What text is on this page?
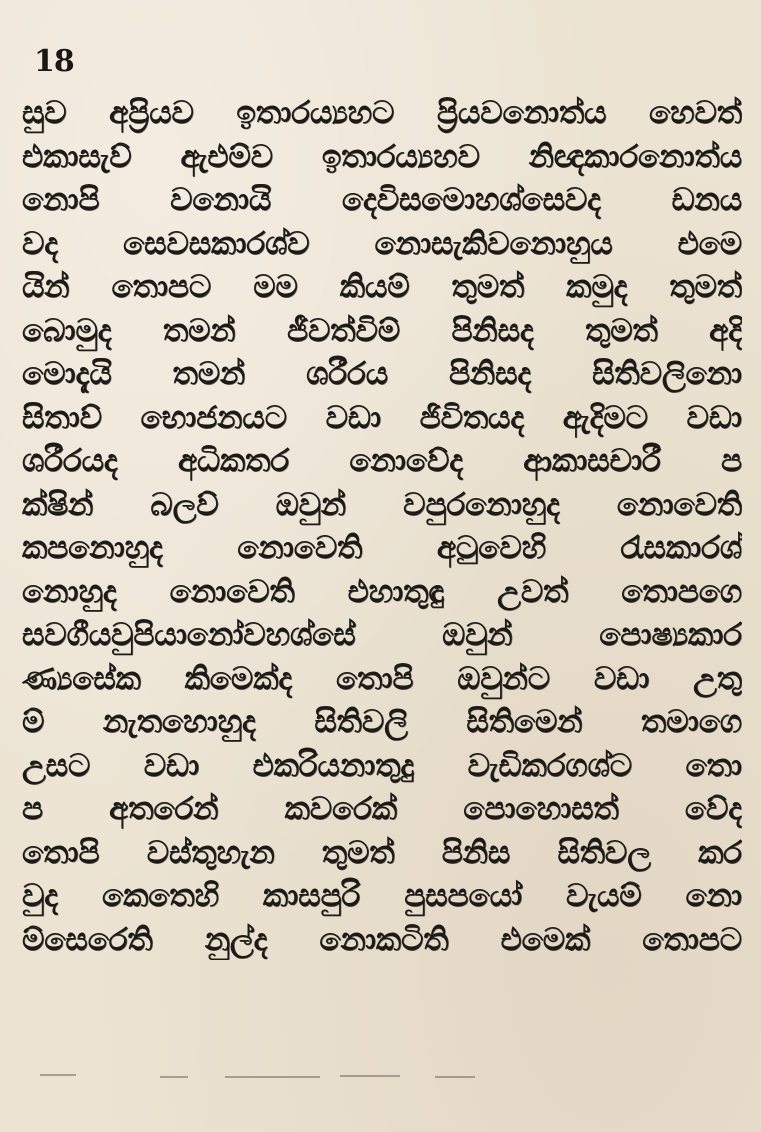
18
සුව අප්‍රියව ඉතාරය්‍යහට ප්‍රියවනොත්ය හෙවත්
එකාසැව් ඇඑම්ව ඉතාරය්‍යහව නිඥකාරනොත්ය
නොපි වනොයි දෙවිසමොහශ්සෙවද ඩනය
වද සෙවසකාරශ්ව නොසැකිවනොහුය එමෙ
යින් තොපට මම කියම් තුමත් කමුද තුමත්
බොමුද තමන් ජීවත්විම් පිනිසද තුමත් අදි
මොදැයි තමන් ශරීරය පිනිසද සිතිවලිනො
සිතාව් භොජනයට වඩා ජිවිතයද ඇදිමට වඩා
ශරීරයද අධිකතර නොවේද ආකාසචාරී ප
ක්ෂින් බලව් ඔවුන් වපුරනොහුද නොවෙති
කපනොහුද නොවෙති අටුවෙහි රැසකාරශ්
නොහුද නොවෙති එහාතුඳු උවත් තොපගෙ
සවගීයවුපියානෝවහශ්සේ ඔවුන් පොෂ්‍යකාර
ණ්‍යසේක කිමෙක්ද තොපි ඔවුන්ට වඩා උතු
ම් නැතහොහුද සිතිවලි සිතිමෙන් තමාගෙ
උසට වඩා එකරියනාතුදු වැඩිකරගශ්ට තො
ප අතරෙන් කවරෙක් පොහොසත් වේද
තොපි වස්තුහැන තුමත් පිනිස සිතිවල කර
වුද කෙතෙහි කාසපුරි පුසපයෝ වැයම් නො
ම්සෙරෙති නුල්ද නොකටිති එමෙක් තොපට
